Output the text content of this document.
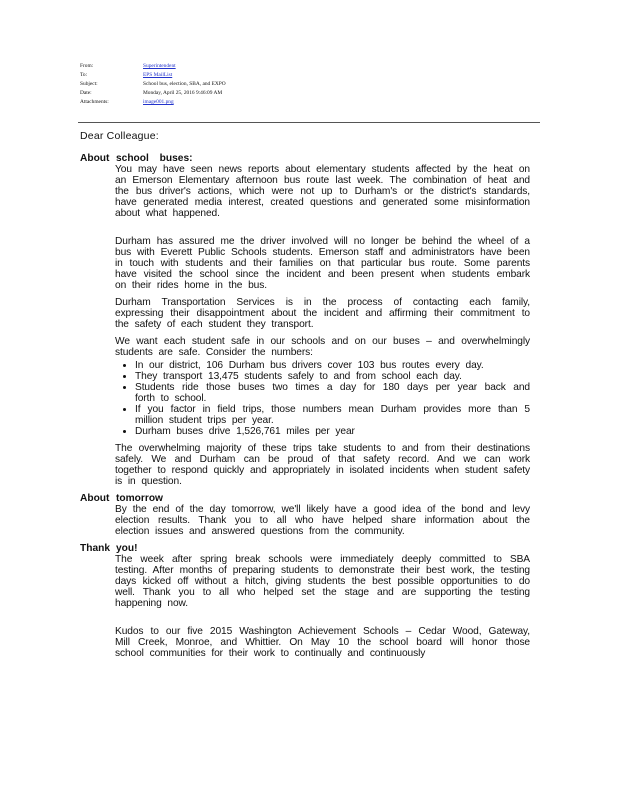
From:	Superintendent
To:	EPS MailList
Subject:	School bus, election, SBA, and EXPO
Date:	Monday, April 25, 2016 9:46:09 AM
Attachments:	image001.png
Dear Colleague:
About school buses:

You may have seen news reports about elementary students affected by the heat on an Emerson Elementary afternoon bus route last week. The combination of heat and the bus driver's actions, which were not up to Durham's or the district's standards, have generated media interest, created questions and generated some misinformation about what happened.

Durham has assured me the driver involved will no longer be behind the wheel of a bus with Everett Public Schools students. Emerson staff and administrators have been in touch with students and their families on that particular bus route. Some parents have visited the school since the incident and been present when students embark on their rides home in the bus.

Durham Transportation Services is in the process of contacting each family, expressing their disappointment about the incident and affirming their commitment to the safety of each student they transport.

We want each student safe in our schools and on our buses – and overwhelmingly students are safe. Consider the numbers:

• In our district, 106 Durham bus drivers cover 103 bus routes every day.
• They transport 13,475 students safely to and from school each day.
• Students ride those buses two times a day for 180 days per year back and forth to school.
• If you factor in field trips, those numbers mean Durham provides more than 5 million student trips per year.
• Durham buses drive 1,526,761 miles per year

The overwhelming majority of these trips take students to and from their destinations safely. We and Durham can be proud of that safety record. And we can work together to respond quickly and appropriately in isolated incidents when student safety is in question.

About tomorrow

By the end of the day tomorrow, we'll likely have a good idea of the bond and levy election results. Thank you to all who have helped share information about the election issues and answered questions from the community.

Thank you!

The week after spring break schools were immediately deeply committed to SBA testing. After months of preparing students to demonstrate their best work, the testing days kicked off without a hitch, giving students the best possible opportunities to do well. Thank you to all who helped set the stage and are supporting the testing happening now.

Kudos to our five 2015 Washington Achievement Schools – Cedar Wood, Gateway, Mill Creek, Monroe, and Whittier. On May 10 the school board will honor those school communities for their work to continually and continuously
